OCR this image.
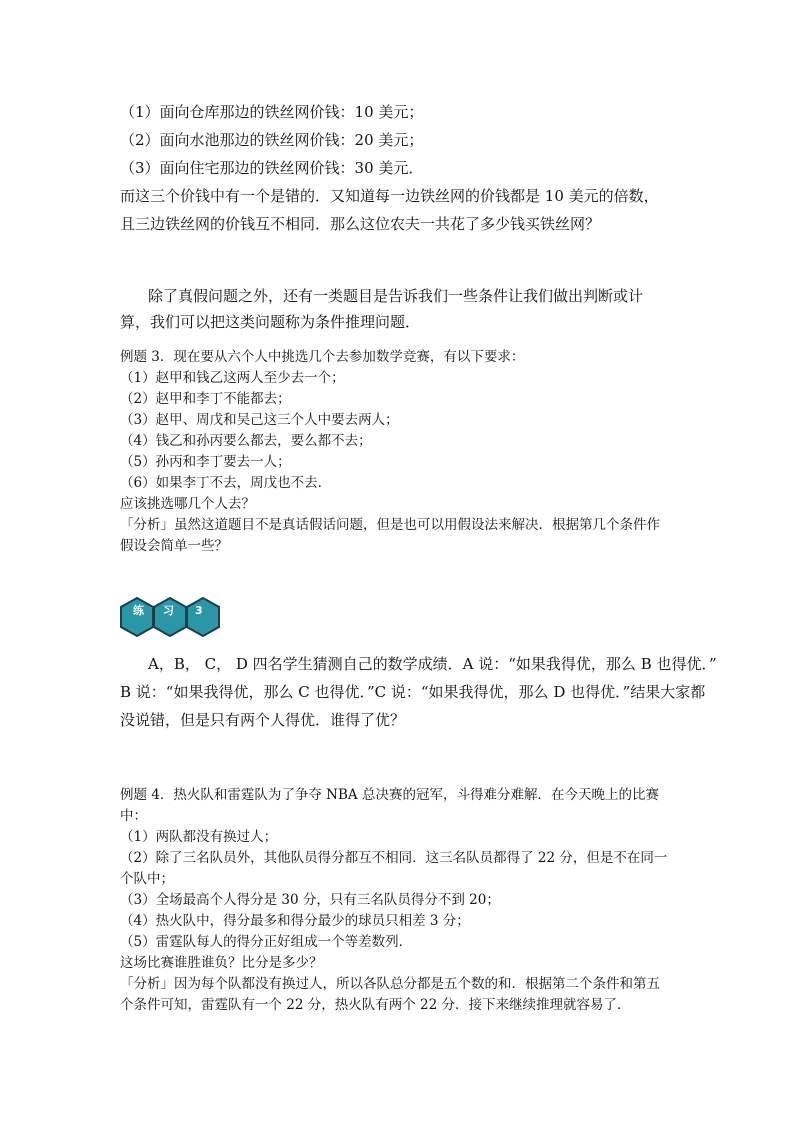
（1）面向仓库那边的铁丝网价钱：10 美元；
（2）面向水池那边的铁丝网价钱：20 美元；
（3）面向住宅那边的铁丝网价钱：30 美元．
而这三个价钱中有一个是错的．又知道每一边铁丝网的价钱都是 10 美元的倍数，
且三边铁丝网的价钱互不相同．那么这位农夫一共花了多少钱买铁丝网？
除了真假问题之外，还有一类题目是告诉我们一些条件让我们做出判断或计
算，我们可以把这类问题称为条件推理问题．
例题 3．现在要从六个人中挑选几个去参加数学竞赛，有以下要求：
（1）赵甲和钱乙这两人至少去一个；
（2）赵甲和李丁不能都去；
（3）赵甲、周戊和吴己这三个人中要去两人；
（4）钱乙和孙丙要么都去，要么都不去；
（5）孙丙和李丁要去一人；
（6）如果李丁不去，周戊也不去．
应该挑选哪几个人去？
「分析」虽然这道题目不是真话假话问题，但是也可以用假设法来解决．根据第几个条件作
假设会简单一些？
练 习 3
A，B， C， D 四名学生猜测自己的数学成绩．A 说：“如果我得优，那么 B 也得优．”
B 说：“如果我得优，那么 C 也得优．”C 说：“如果我得优，那么 D 也得优．”结果大家都
没说错，但是只有两个人得优．谁得了优？
例题 4．热火队和雷霆队为了争夺 NBA 总决赛的冠军，斗得难分难解．在今天晚上的比赛
中：
（1）两队都没有换过人；
（2）除了三名队员外，其他队员得分都互不相同．这三名队员都得了 22 分，但是不在同一
个队中；
（3）全场最高个人得分是 30 分，只有三名队员得分不到 20；
（4）热火队中，得分最多和得分最少的球员只相差 3 分；
（5）雷霆队每人的得分正好组成一个等差数列．
这场比赛谁胜谁负？比分是多少？
「分析」因为每个队都没有换过人，所以各队总分都是五个数的和．根据第二个条件和第五
个条件可知，雷霆队有一个 22 分，热火队有两个 22 分．接下来继续推理就容易了．
